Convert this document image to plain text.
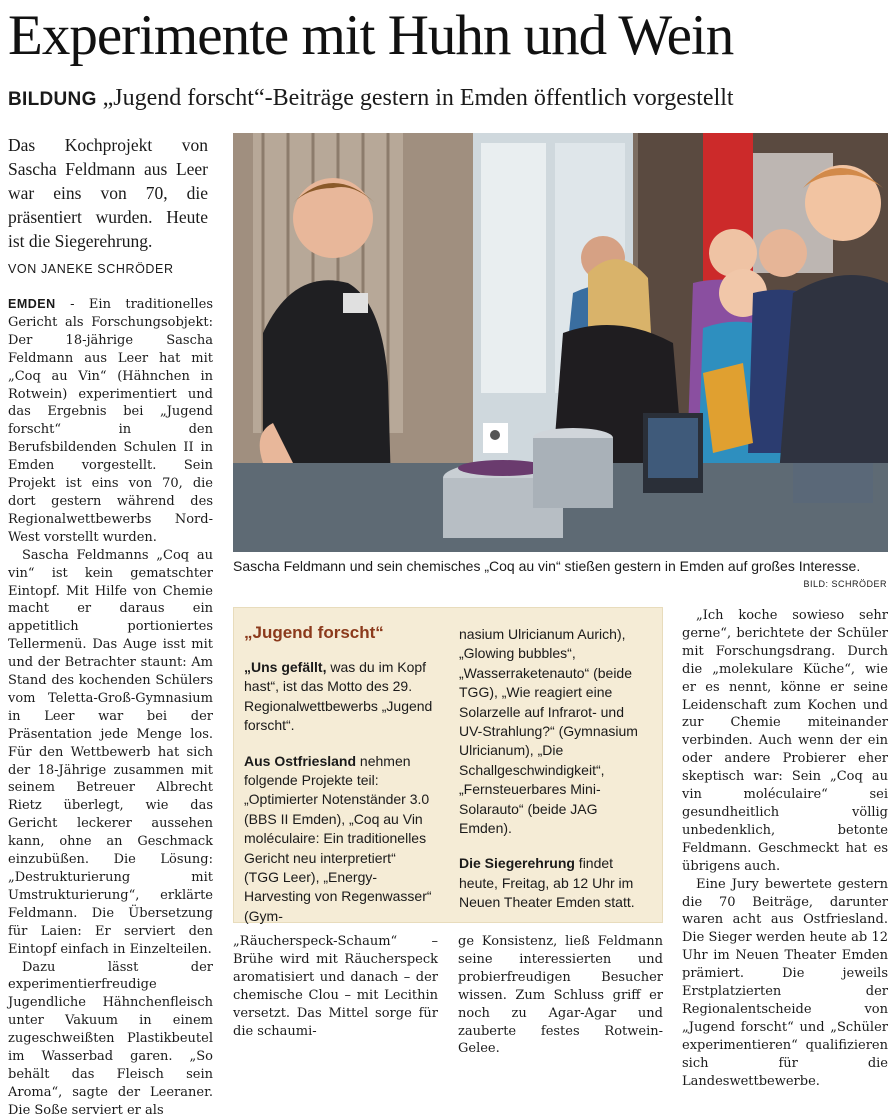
Experimente mit Huhn und Wein
BILDUNG „Jugend forscht“-Beiträge gestern in Emden öffentlich vorgestellt
Das Kochprojekt von Sascha Feldmann aus Leer war eins von 70, die präsentiert wurden. Heute ist die Siegerehrung.
VON JANEKE SCHRÖDER

EMDEN - Ein traditionelles Gericht als Forschungsobjekt: Der 18-jährige Sascha Feldmann aus Leer hat mit „Coq au Vin“ (Hähnchen in Rotwein) experimentiert und das Ergebnis bei „Jugend forscht“ in den Berufsbildenden Schulen II in Emden vorgestellt. Sein Projekt ist eins von 70, die dort gestern während des Regionalwettbewerbs Nord-West vorstellt wurden.

Sascha Feldmanns „Coq au vin“ ist kein gematschter Eintopf. Mit Hilfe von Chemie macht er daraus ein appetitlich portioniertes Tellermenü. Das Auge isst mit und der Betrachter staunt: Am Stand des kochenden Schülers vom Teletta-Groß-Gymnasium in Leer war bei der Präsentation jede Menge los. Für den Wettbewerb hat sich der 18-Jährige zusammen mit seinem Betreuer Albrecht Rietz überlegt, wie das Gericht leckerer aussehen kann, ohne an Geschmack einzubüßen. Die Lösung: „Destrukturierung mit Umstrukturierung“, erklärte Feldmann. Die Übersetzung für Laien: Er serviert den Eintopf einfach in Einzelteilen.

Dazu lässt der experimentierfreudige Jugendliche Hähnchenfleisch unter Vakuum in einem zugeschweißten Plastikbeutel im Wasserbad garen. „So behält das Fleisch sein Aroma“, sagte der Leeraner. Die Soße serviert er als

Sascha Feldmann und sein chemisches „Coq au vin“ stießen gestern in Emden auf großes Interesse.
BILD: SCHRÖDER
„Jugend forscht“

„Uns gefällt, was du im Kopf hast“, ist das Motto des 29. Regionalwettbewerbs „Jugend forscht“.

Aus Ostfriesland nehmen folgende Projekte teil: „Optimierter Notenständer 3.0 (BBS II Emden), „Coq au Vin moléculaire: Ein traditionelles Gericht neu interpretiert“ (TGG Leer), „Energy-Harvesting von Regenwasser“ (Gym-

nasium Ulricianum Aurich), „Glowing bubbles“, „Wasserraketenauto“ (beide TGG), „Wie reagiert eine Solarzelle auf Infrarot- und UV-Strahlung?“ (Gymnasium Ulricianum), „Die Schallgeschwindigkeit“, „Fernsteuerbares Mini-Solarauto“ (beide JAG Emden).

Die Siegerehrung findet heute, Freitag, ab 12 Uhr im Neuen Theater Emden statt.

„Räucherspeck-Schaum“ – Brühe wird mit Räucherspeck aromatisiert und danach – der chemische Clou – mit Lecithin versetzt. Das Mittel sorge für die schaumi-

ge Konsistenz, ließ Feldmann seine interessierten und probierfreudigen Besucher wissen. Zum Schluss griff er noch zu Agar-Agar und zauberte festes Rotwein-Gelee.

„Ich koche sowieso sehr gerne“, berichtete der Schüler mit Forschungsdrang. Durch die „molekulare Küche“, wie er es nennt, könne er seine Leidenschaft zum Kochen und zur Chemie miteinander verbinden. Auch wenn der ein oder andere Probierer eher skeptisch war: Sein „Coq au vin moléculaire“ sei gesundheitlich völlig unbedenklich, betonte Feldmann. Geschmeckt hat es übrigens auch.

Eine Jury bewertete gestern die 70 Beiträge, darunter waren acht aus Ostfriesland. Die Sieger werden heute ab 12 Uhr im Neuen Theater Emden prämiert. Die jeweils Erstplatzierten der Regionalentscheide von „Jugend forscht“ und „Schüler experimentieren“ qualifizieren sich für die Landeswettbewerbe.
